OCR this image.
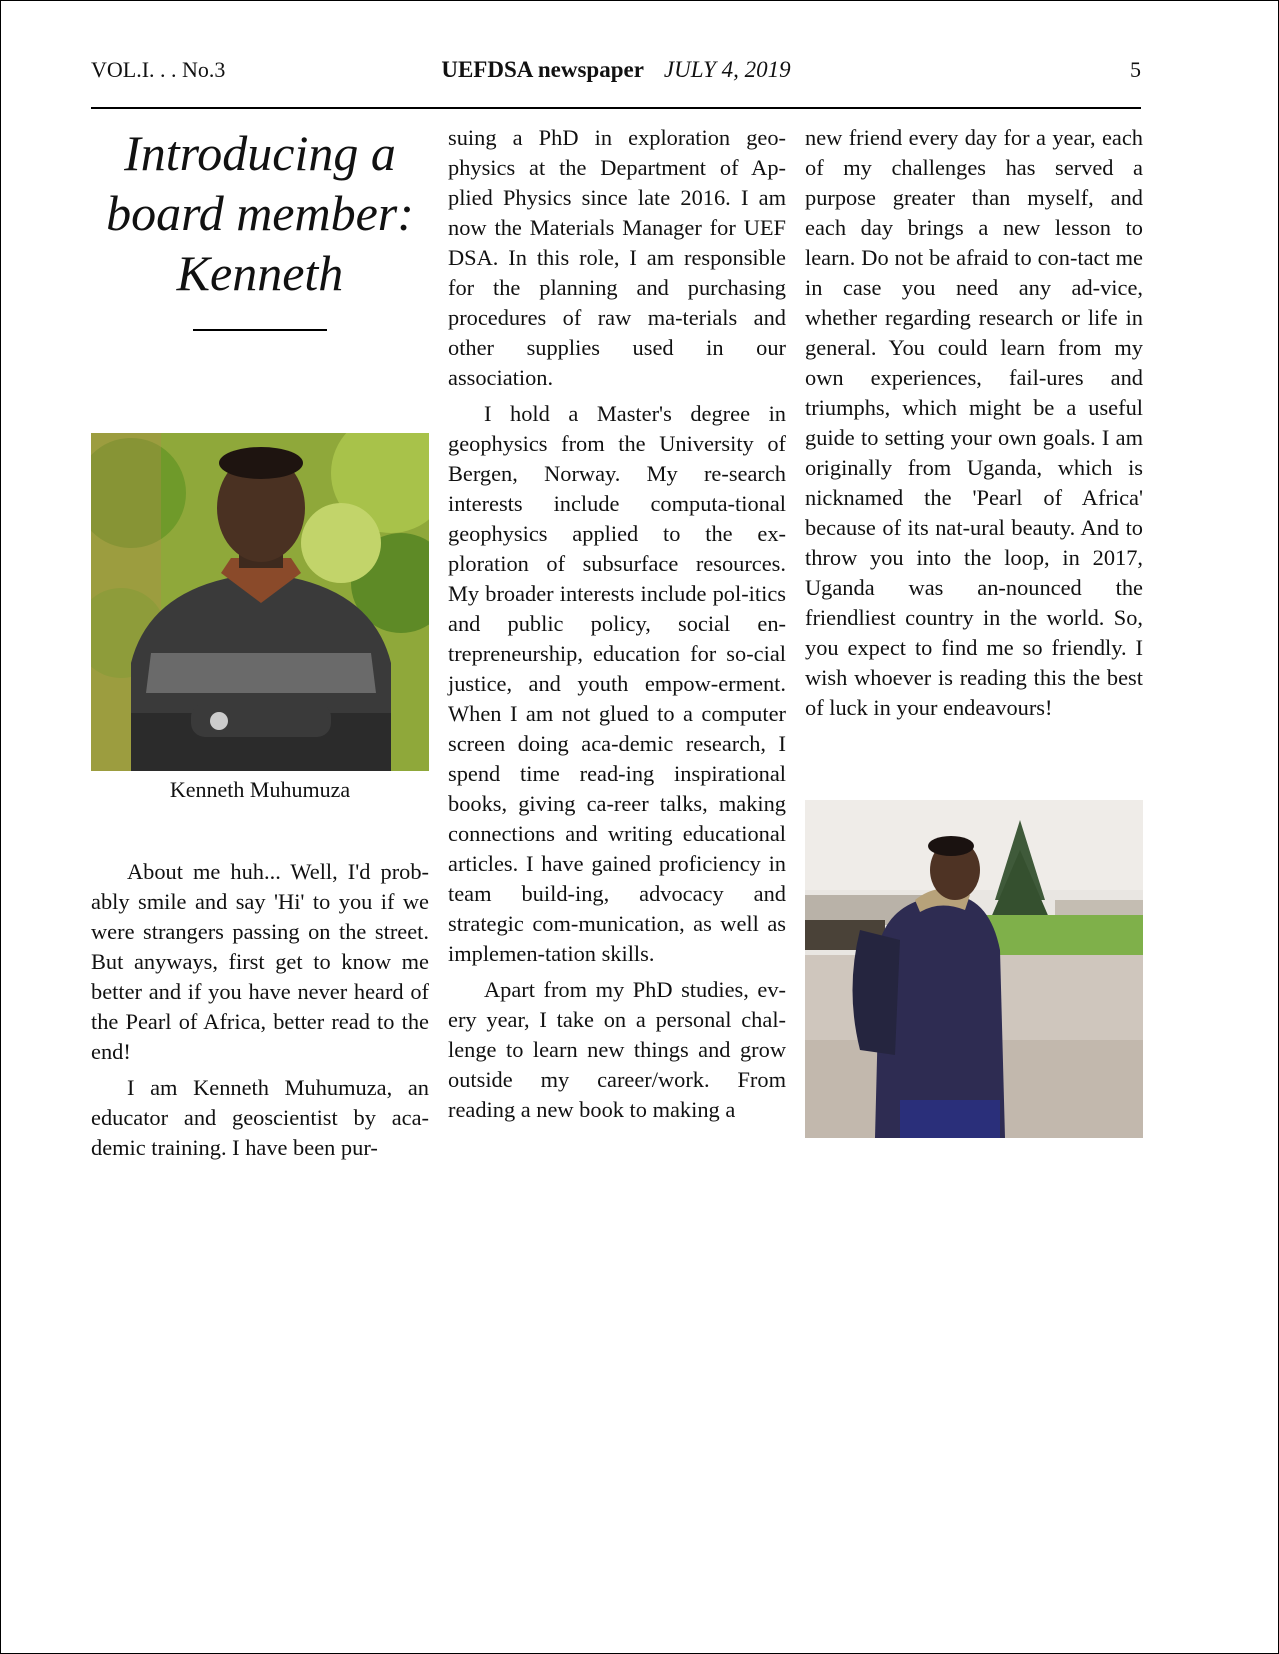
VOL.I. . . No.3	UEFDSA newspaper JULY 4, 2019	5
Introducing a
board member:
Kenneth

About me huh... Well, I'd prob-ably smile and say 'Hi' to you if we were strangers passing on the street. But anyways, first get to know me better and if you have never heard of the Pearl of Africa, better read to the end!

I am Kenneth Muhumuza, an educator and geoscientist by aca-demic training. I have been pur-

Kenneth Muhumuza

suing a PhD in exploration geo-physics at the Department of Ap-plied Physics since late 2016. I am now the Materials Manager for UEF DSA. In this role, I am responsible for the planning and purchasing procedures of raw ma-terials and other supplies used in our association.

I hold a Master's degree in geophysics from the University of Bergen, Norway. My re-search interests include computa-tional geophysics applied to the ex-ploration of subsurface resources. My broader interests include pol-itics and public policy, social en-trepreneurship, education for so-cial justice, and youth empow-erment. When I am not glued to a computer screen doing aca-demic research, I spend time read-ing inspirational books, giving ca-reer talks, making connections and writing educational articles. I have gained proficiency in team build-ing, advocacy and strategic com-munication, as well as implemen-tation skills.

Apart from my PhD studies, ev-ery year, I take on a personal chal-lenge to learn new things and grow outside my career/work. From reading a new book to making a

new friend every day for a year, each of my challenges has served a purpose greater than myself, and each day brings a new lesson to learn. Do not be afraid to con-tact me in case you need any ad-vice, whether regarding research or life in general. You could learn from my own experiences, fail-ures and triumphs, which might be a useful guide to setting your own goals. I am originally from Uganda, which is nicknamed the 'Pearl of Africa' because of its nat-ural beauty. And to throw you into the loop, in 2017, Uganda was an-nounced the friendliest country in the world. So, you expect to find me so friendly. I wish whoever is reading this the best of luck in your endeavours!
